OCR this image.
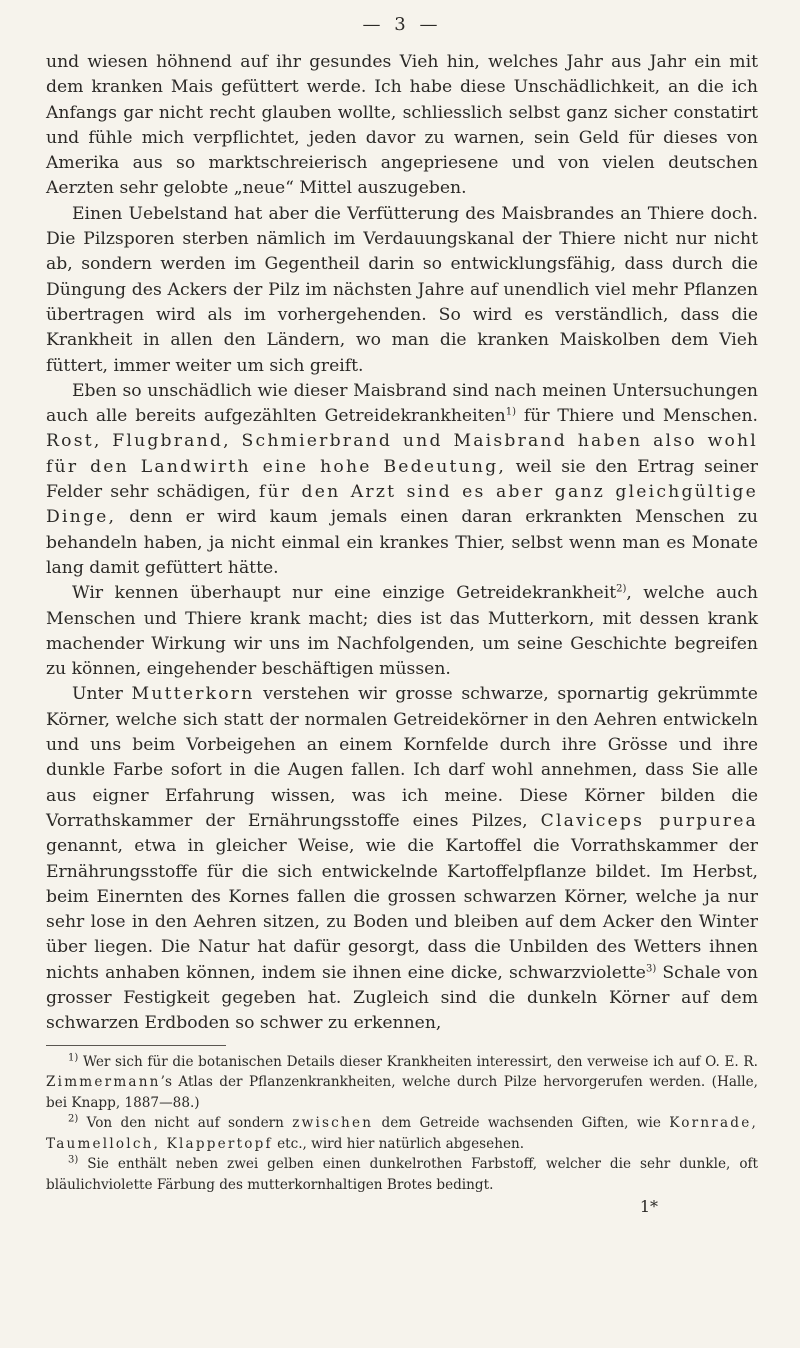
— 3 —

und wiesen höhnend auf ihr gesundes Vieh hin, welches Jahr aus Jahr ein mit dem kranken Mais gefüttert werde. Ich habe diese Unschädlichkeit, an die ich Anfangs gar nicht recht glauben wollte, schliesslich selbst ganz sicher constatirt und fühle mich verpflichtet, jeden davor zu warnen, sein Geld für dieses von Amerika aus so marktschreierisch angepriesene und von vielen deutschen Aerzten sehr gelobte „neue“ Mittel auszugeben.

Einen Uebelstand hat aber die Verfütterung des Maisbrandes an Thiere doch. Die Pilzsporen sterben nämlich im Verdauungskanal der Thiere nicht nur nicht ab, sondern werden im Gegentheil darin so entwicklungsfähig, dass durch die Düngung des Ackers der Pilz im nächsten Jahre auf unendlich viel mehr Pflanzen übertragen wird als im vorhergehenden. So wird es verständlich, dass die Krankheit in allen den Ländern, wo man die kranken Maiskolben dem Vieh füttert, immer weiter um sich greift.

Eben so unschädlich wie dieser Maisbrand sind nach meinen Untersuchungen auch alle bereits aufgezählten Getreidekrankheiten$^{1)}$ für Thiere und Menschen. Rost, Flugbrand, Schmierbrand und Maisbrand haben also wohl für den Landwirth eine hohe Bedeutung, weil sie den Ertrag seiner Felder sehr schädigen, für den Arzt sind es aber ganz gleichgültige Dinge, denn er wird kaum jemals einen daran erkrankten Menschen zu behandeln haben, ja nicht einmal ein krankes Thier, selbst wenn man es Monate lang damit gefüttert hätte.

Wir kennen überhaupt nur eine einzige Getreidekrankheit$^{2)}$, welche auch Menschen und Thiere krank macht; dies ist das Mutterkorn, mit dessen krank machender Wirkung wir uns im Nachfolgenden, um seine Geschichte begreifen zu können, eingehender beschäftigen müssen.

Unter Mutterkorn verstehen wir grosse schwarze, spornartig gekrümmte Körner, welche sich statt der normalen Getreidekörner in den Aehren entwickeln und uns beim Vorbeigehen an einem Kornfelde durch ihre Grösse und ihre dunkle Farbe sofort in die Augen fallen. Ich darf wohl annehmen, dass Sie alle aus eigner Erfahrung wissen, was ich meine. Diese Körner bilden die Vorrathskammer der Ernährungsstoffe eines Pilzes, Claviceps purpurea genannt, etwa in gleicher Weise, wie die Kartoffel die Vorrathskammer der Ernährungsstoffe für die sich entwickelnde Kartoffelpflanze bildet. Im Herbst, beim Einernten des Kornes fallen die grossen schwarzen Körner, welche ja nur sehr lose in den Aehren sitzen, zu Boden und bleiben auf dem Acker den Winter über liegen. Die Natur hat dafür gesorgt, dass die Unbilden des Wetters ihnen nichts anhaben können, indem sie ihnen eine dicke, schwarzviolette$^{3)}$ Schale von grosser Festigkeit gegeben hat. Zugleich sind die dunkeln Körner auf dem schwarzen Erdboden so schwer zu erkennen,

$^{1)}$ Wer sich für die botanischen Details dieser Krankheiten interessirt, den verweise ich auf O. E. R. Zimmermann’s Atlas der Pflanzenkrankheiten, welche durch Pilze hervorgerufen werden. (Halle, bei Knapp, 1887—88.)

$^{2)}$ Von den nicht auf sondern zwischen dem Getreide wachsenden Giften, wie Kornrade, Taumellolch, Klappertopf etc., wird hier natürlich abgesehen.

$^{3)}$ Sie enthält neben zwei gelben einen dunkelrothen Farbstoff, welcher die sehr dunkle, oft bläulichviolette Färbung des mutterkornhaltigen Brotes bedingt.

1*
